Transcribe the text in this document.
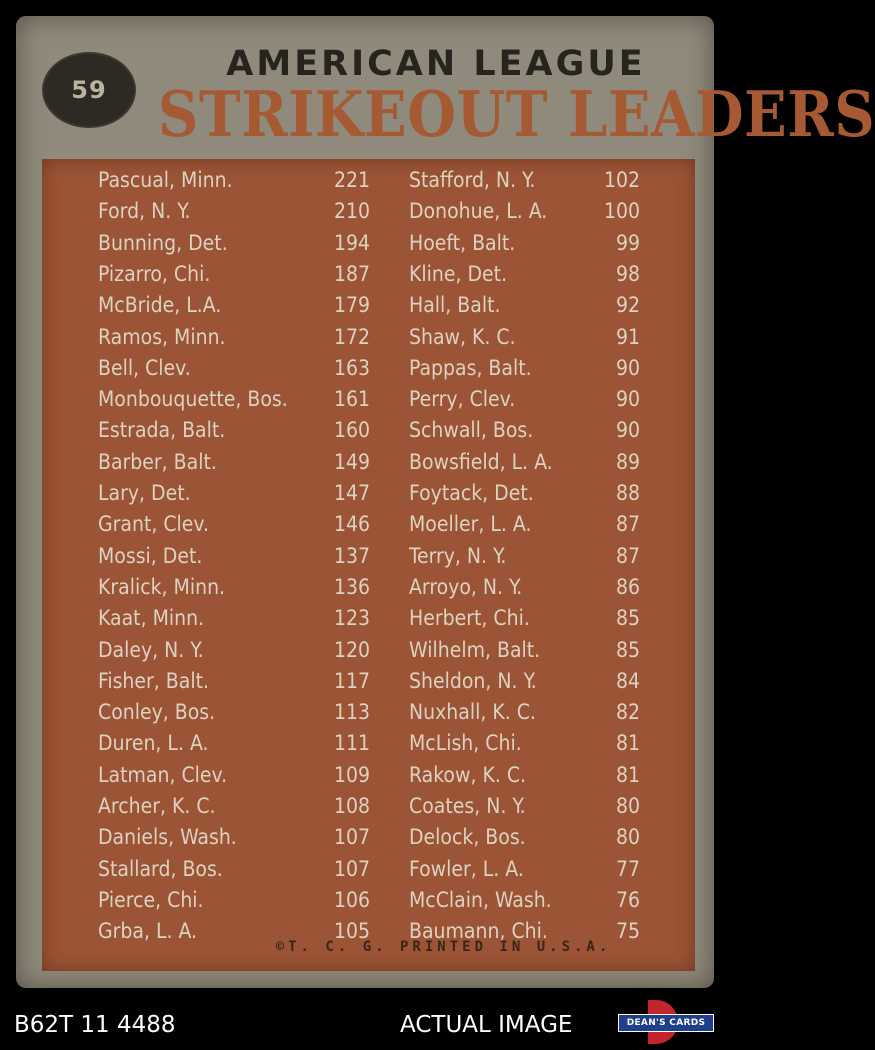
59
AMERICAN LEAGUE
STRIKEOUT LEADERS
Pascual, Minn.	221 Stafford, N. Y.	102
Ford, N. Y.	210 Donohue, L. A.	100
Bunning, Det.	194 Hoeft, Balt.	99
Pizarro, Chi.	187 Kline, Det.	98
McBride, L.A.	179 Hall, Balt.	92
Ramos, Minn.	172 Shaw, K. C.	91
Bell, Clev.	163 Pappas, Balt.	90
Monbouquette, Bos. 161 Perry, Clev.	90
Estrada, Balt.	160 Schwall, Bos.	90
Barber, Balt.	149 Bowsfield, L. A.	89
Lary, Det.	147 Foytack, Det.	88
Grant, Clev.	146 Moeller, L. A.	87
Mossi, Det.	137 Terry, N. Y.	87
Kralick, Minn.	136 Arroyo, N. Y.	86
Kaat, Minn.	123 Herbert, Chi.	85
Daley, N. Y.	120 Wilhelm, Balt.	85
Fisher, Balt.	117 Sheldon, N. Y.	84
Conley, Bos.	113 Nuxhall, K. C.	82
Duren, L. A.	111 McLish, Chi.	81
Latman, Clev.	109 Rakow, K. C.	81
Archer, K. C.	108 Coates, N. Y.	80
Daniels, Wash.	107 Delock, Bos.	80
Stallard, Bos.	107 Fowler, L. A.	77
Pierce, Chi.	106 McClain, Wash.	76
Grba, L. A.	105 Baumann, Chi.	75
©T. C. G. PRINTED IN U.S.A.
B62T 11 4488	ACTUAL IMAGE	DEAN'S CARDS
